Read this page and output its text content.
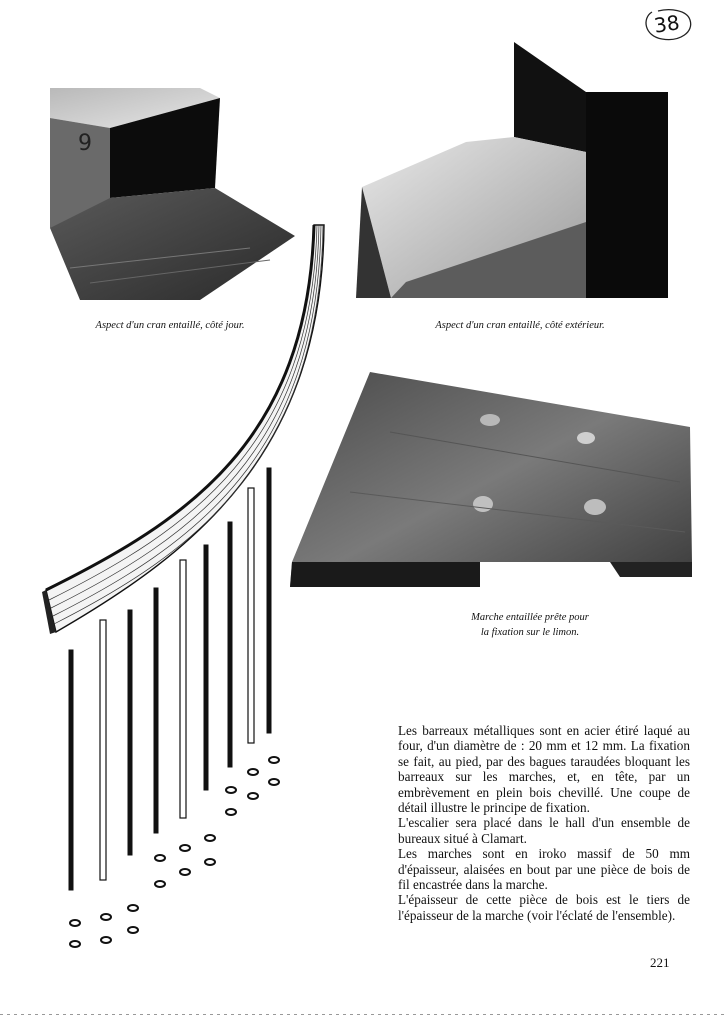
38
9
Aspect d'un cran entaillé, côté jour.	Aspect d'un cran entaillé, côté extérieur.
Marche entaillée prête pour
la fixation sur le limon.

Les barreaux métalliques sont en acier étiré laqué au four, d'un diamètre de : 20 mm et 12 mm. La fixation se fait, au pied, par des bagues taraudées bloquant les barreaux sur les marches, et, en tête, par un embrèvement en plein bois chevillé. Une coupe de détail illustre le principe de fixation.

L'escalier sera placé dans le hall d'un ensemble de bureaux situé à Clamart.

Les marches sont en iroko massif de 50 mm d'épaisseur, alaisées en bout par une pièce de bois de fil encastrée dans la marche.

L'épaisseur de cette pièce de bois est le tiers de l'épaisseur de la marche (voir l'éclaté de l'ensemble).

221
